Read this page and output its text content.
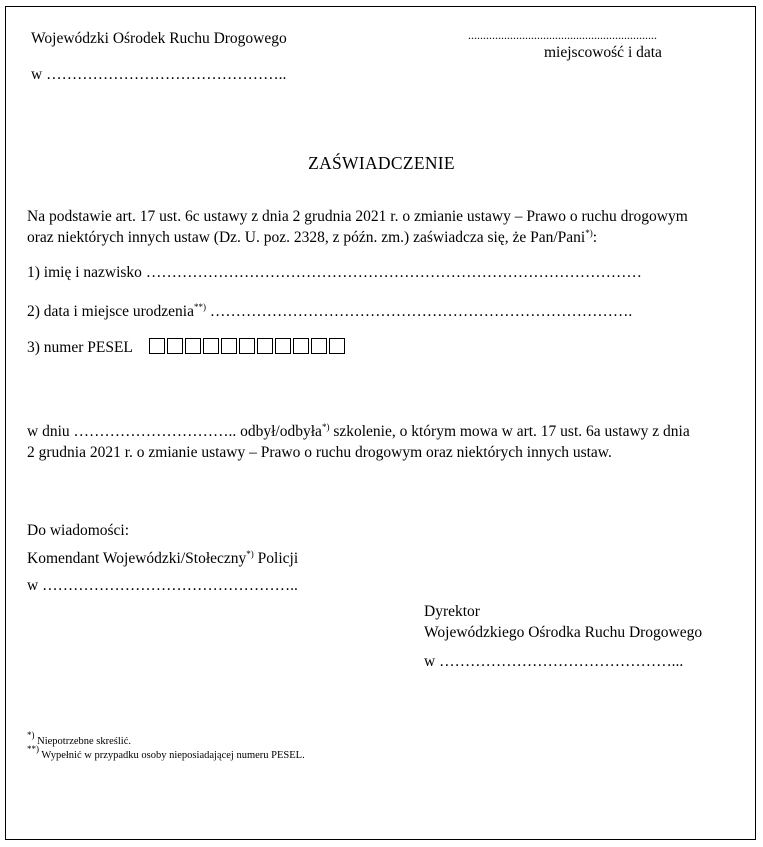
Wojewódzki Ośrodek Ruchu Drogowego
w ………………………………………..
...............................................................
miejscowość i data
ZAŚWIADCZENIE
Na podstawie art. 17 ust. 6c ustawy z dnia 2 grudnia 2021 r. o zmianie ustawy – Prawo o ruchu drogowym
oraz niektórych innych ustaw (Dz. U. poz. 2328, z późn. zm.) zaświadcza się, że Pan/Pani*):
1) imię i nazwisko ……………………………………………………………………………………
2) data i miejsce urodzenia**) ……………………………………………………………………….
3) numer PESEL
w dniu ………………………….. odbył/odbyła*) szkolenie, o którym mowa w art. 17 ust. 6a ustawy z dnia
2 grudnia 2021 r. o zmianie ustawy – Prawo o ruchu drogowym oraz niektórych innych ustaw.
Do wiadomości:
Komendant Wojewódzki/Stołeczny*) Policji
w …………………………………………..
Dyrektor
Wojewódzkiego Ośrodka Ruchu Drogowego
w ………………………………………...
*) Niepotrzebne skreślić.
**) Wypełnić w przypadku osoby nieposiadającej numeru PESEL.
